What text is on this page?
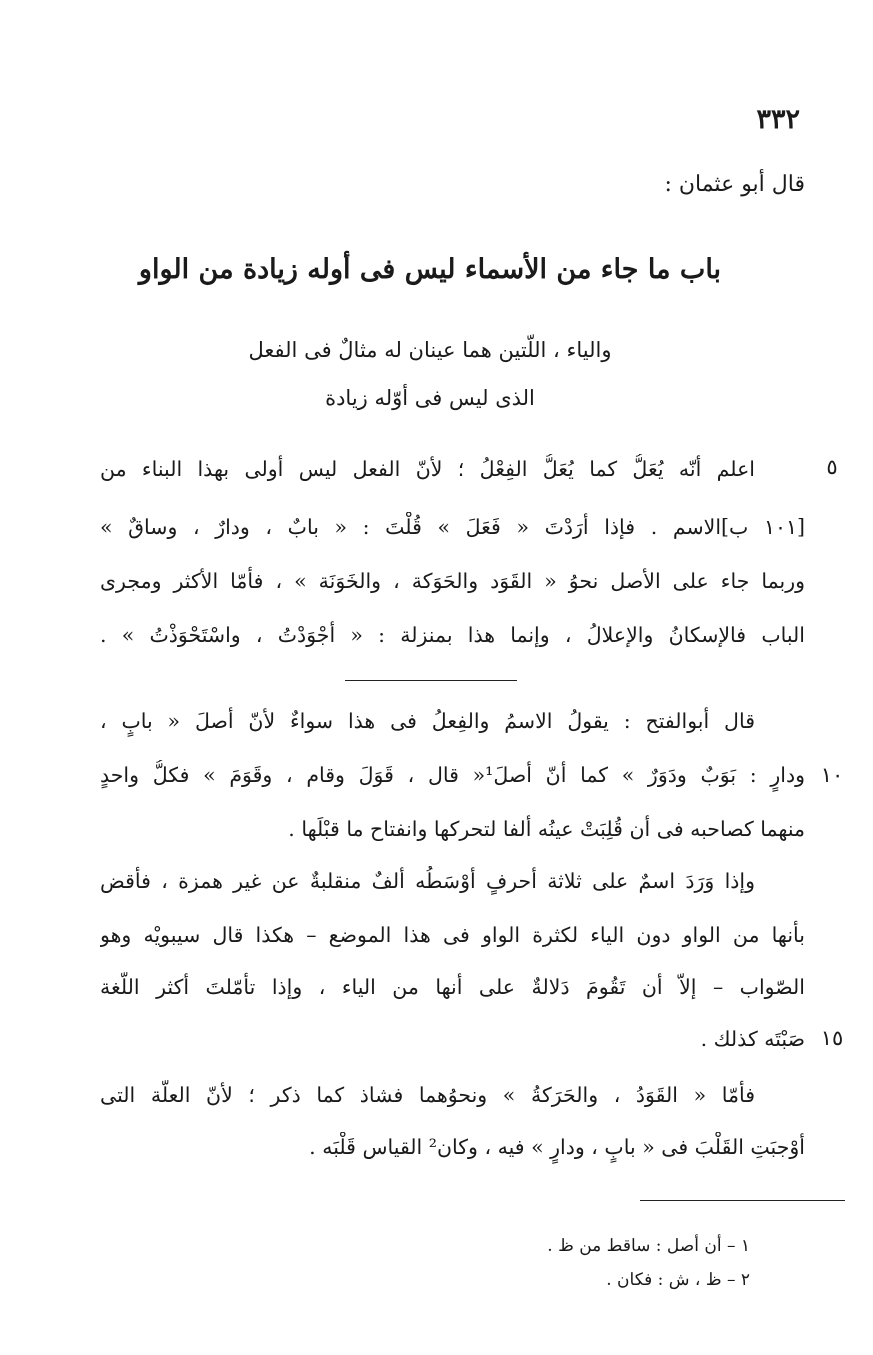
٣٣٢
قال أبو عثمان :
باب ما جاء من الأسماء ليس فى أوله زيادة من الواو
والياء ، اللّتين هما عينان له مثالٌ فى الفعل
الذى ليس فى أوّله زيادة
اعلم أنّه يُعَلُّ كما يُعَلُّ الفِعْلُ ؛ لأنّ الفعل ليس أولى بهذا البناء من	٥
[١٠١ ب]الاسم . فإذا أرَدْتَ « فَعَلَ » قُلْتَ : « بابٌ ، ودارٌ ، وساقٌ »
وربما جاء على الأصل نحوُ « القَوَد والحَوَكة ، والخَوَنَة » ، فأمّا الأكثر ومجرى
الباب فالإسكانُ والإعلالُ ، وإنما هذا بمنزلة : « أجْوَدْتُ ، واسْتَحْوَذْتُ » .
قال أبوالفتح : يقولُ الاسمُ والفِعلُ فى هذا سواءٌ لأنّ أصلَ « بابٍ ،
ودارٍ : بَوَبٌ ودَوَرٌ » كما أنّ أصلَ¹« قال ، قَوَلَ وقام ، وقَوَمَ » فكلُّ واحدٍ ١٠
منهما كصاحبه فى أن قُلِبَتْ عينُه ألفا لتحركها وانفتاح ما قبْلَها .
وإذا وَرَدَ اسمٌ على ثلاثة أحرفٍ أوْسَطُه ألفٌ منقلبةٌ عن غير همزة ، فأقض
بأنها من الواو دون الياء لكثرة الواو فى هذا الموضع – هكذا قال سيبويْه وهو
الصّواب – إلاّ أن تَقُومَ دَلالةٌ على أنها من الياء ، وإذا تأمّلتَ أكثر اللّغة
صَبْتَه كذلك . ١٥
فأمّا « القَوَدُ ، والحَرَكةُ » ونحوُهما فشاذ كما ذكر ؛ لأنّ العلّة التى
أوْجبَتِ القَلْبَ فى « بابٍ ، ودارٍ » فيه ، وكان² القياس قَلْبَه .
١ – أن أصل : ساقط من ظ .
٢ – ظ ، ش : فكان .
